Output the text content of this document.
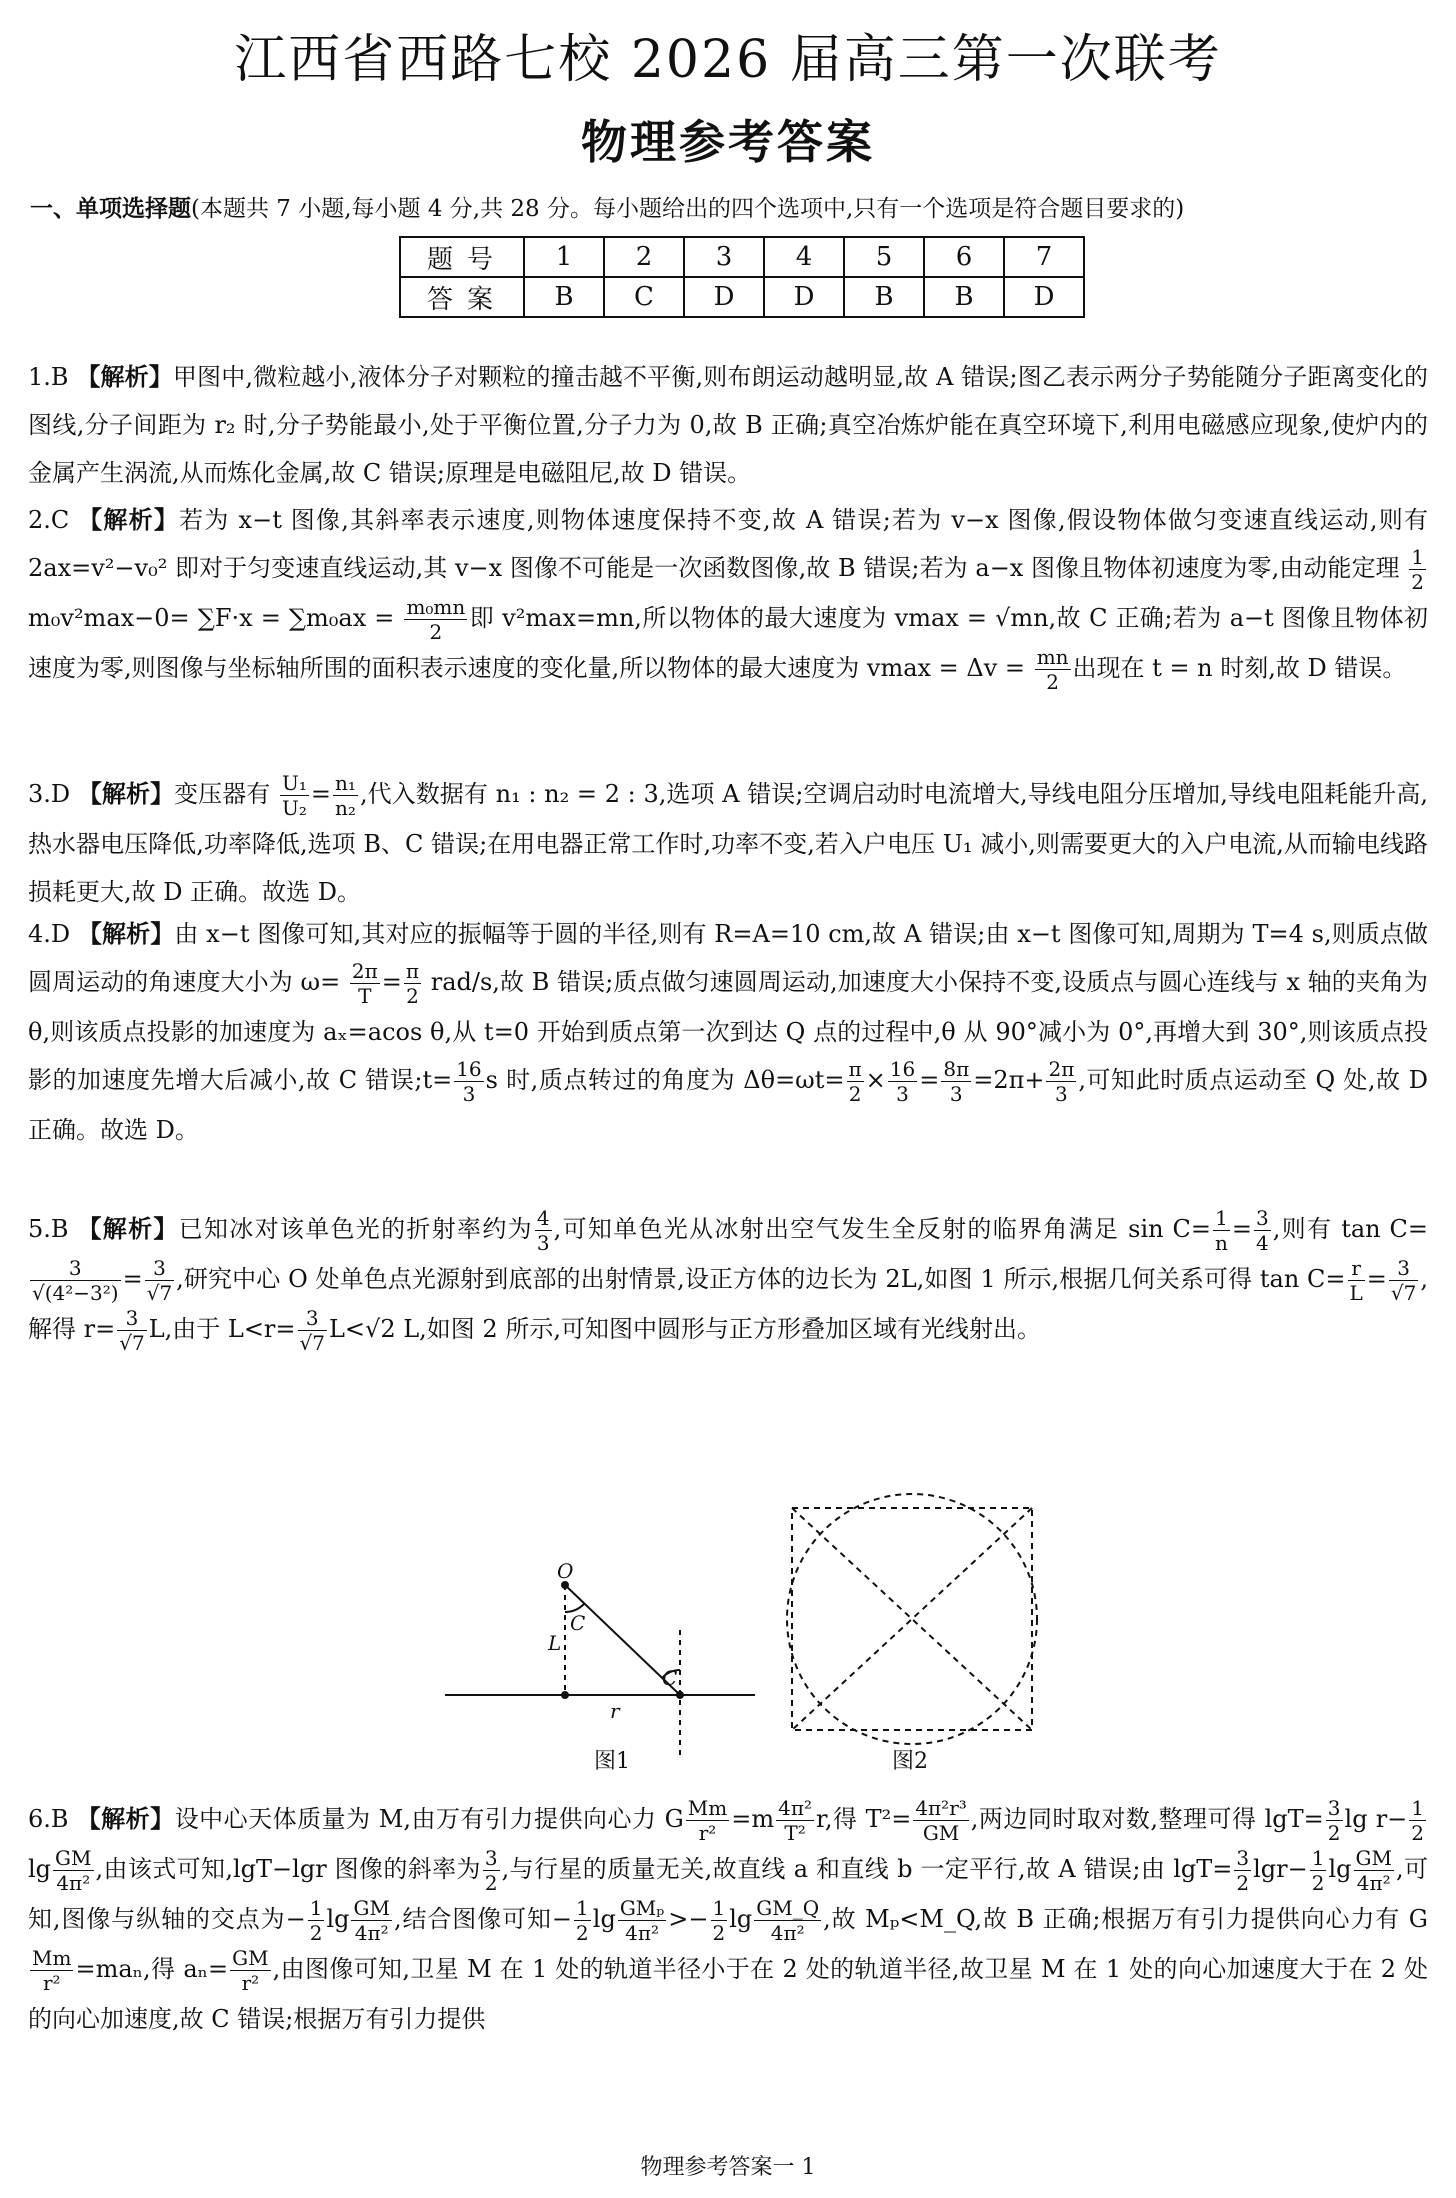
江西省西路七校 2026 届高三第一次联考
物理参考答案
一、单项选择题(本题共 7 小题,每小题 4 分,共 28 分。每小题给出的四个选项中,只有一个选项是符合题目要求的)
题号	1	2	3	4	5	6	7
答案	B	C	D	D	B	B	D
1.B 【解析】甲图中,微粒越小,液体分子对颗粒的撞击越不平衡,则布朗运动越明显,故 A 错误;图乙表示两分子势能随分子距离变化的图线,分子间距为 r₂ 时,分子势能最小,处于平衡位置,分子力为 0,故 B 正确;真空冶炼炉能在真空环境下,利用电磁感应现象,使炉内的金属产生涡流,从而炼化金属,故 C 错误;原理是电磁阻尼,故 D 错误。
2.C 【解析】若为 x−t 图像,其斜率表示速度,则物体速度保持不变,故 A 错误;若为 v−x 图像,假设物体做匀变速直线运动,则有 2ax=v²−v₀² 即对于匀变速直线运动,其 v−x 图像不可能是一次函数图像,故 B 错误;若为 a−x 图像且物体初速度为零,由动能定理 $\frac{1}{2}$
$m_0v^2\max-0= \sum F\cdot x = \sum m_0ax = \frac{\text{m₀mn}}{2}$ 即 v²max=mn,所以物体的最大速度为 vmax = √mn,故 C 正确;若为 a−t 图像且物体初速度为零,则图像与坐标轴所围的面积表示速度的变化量,所以物体的最大速度为 $vmax = \Delta v = \frac{mn}{2}$ 出现在 t = n 时刻,故 D 错误。
3.D 【解析】变压器有 $\frac{\text{U₁}}{\text{U₂}} = \frac{\text{n₁}}{\text{n₂}}$ ,代入数据有 n₁ : n₂ = 2 : 3,选项 A 错误;空调启动时电流增大,导线电阻分压增加,导线电阻耗能升高,热水器电压降低,功率降低,选项 B、C 错误;在用电器正常工作时,功率不变,若入户电压 U₁ 减小,则需要更大的入户电流,从而输电线路损耗更大,故 D 正确。故选 D。
4.D 【解析】由 x−t 图像可知,其对应的振幅等于圆的半径,则有 R=A=10 cm,故 A 错误;由 x−t 图像可知,周期为 T=4 s,则质点做圆周运动的角速度大小为 $\omega= \frac{2\pi}{T} = \frac{\pi}{2} rad/s$,故 B 错误;质点做匀速圆周运动,加速度大小保持不变,设质点与圆心连线与 x 轴的夹角为 θ,则该质点投影的加速度为 aₓ=acos θ,从 t=0 开始到质点第一次到达 Q 点的过程中,θ 从 90°减小为 0°,再增大到 30°,则该质点投影的加速度先增大后减小,故 C 错误;t= $\frac{16}{3}$ s 时,质点转过的角度为 $\Delta\theta=\omega t= \frac{\pi}{2} \times \frac{16}{3} = \frac{8\pi}{3} =2\pi+ \frac{2\pi}{3}$ ,可知此时质点运动至 Q 处,故 D 正确。故选 D。
5.B 【解析】已知冰对该单色光的折射率约为 $\frac{4}{3}$ ,可知单色光从冰射出空气发生全反射的临界角满足 $\sin C= \frac{1}{n} = \frac{3}{4}$ ,则有 tan C=
$\frac{3}{\text{√(4²−3²)}} = \frac{3}{√7}$ ,研究中心 O 处单色点光源射到底部的出射情景,设正方体的边长为 2L,如图 1 所示,根据几何关系可得 $\tan C= \frac{r}{L} = \frac{3}{√7}$ ,解得 $r= \frac{3}{√7} L$,由于 $L<r= \frac{3}{√7} L<√2$ L,如图 2 所示,可知图中圆形与正方形叠加区域有光线射出。
O
C
C
L
r
图1	图2
6.B 【解析】设中心天体质量为 M,由万有引力提供向心力 G $\frac{Mm}{\text{r²}} =m \frac{\text{4π²}}{\text{T²}} r$,得 $T^2= \frac{\text{4π²r³}}{GM}$ ,两边同时取对数,整理可得 $\lg T= \frac{3}{2}$ $\lg r- \frac{1}{2}$
$\lg \frac{GM}{\text{4π²}}$ ,由该式可知,lgT−lgr 图像的斜率为 $\frac{3}{2}$ ,与行星的质量无关,故直线 a 和直线 b 一定平行,故 A 错误;由 $\lg T= \frac{3}{2} \lg r- \frac{1}{2}$ $\lg \frac{GM}{\text{4π²}}$ ,可知,图像与纵轴的交点为− $\frac{1}{2}$ $\lg \frac{GM}{\text{4π²}}$ ,结合图像可知− $\frac{1}{2}$ $\lg \frac{\text{GMₚ}}{\text{4π²}} >- \frac{1}{2}$ $\lg \frac{GM\_Q}{\text{4π²}}$ ,故 Mₚ<M_Q,故 B 正确;根据万有引力提供向心力有 G
$\frac{Mm}{\text{r²}} =ma_n$,得 $a_n= \frac{GM}{\text{r²}}$ ,由图像可知,卫星 M 在 1 处的轨道半径小于在 2 处的轨道半径,故卫星 M 在 1 处的向心加速度大于在 2 处的向心加速度,故 C 错误;根据万有引力提供
物理参考答案一 1
